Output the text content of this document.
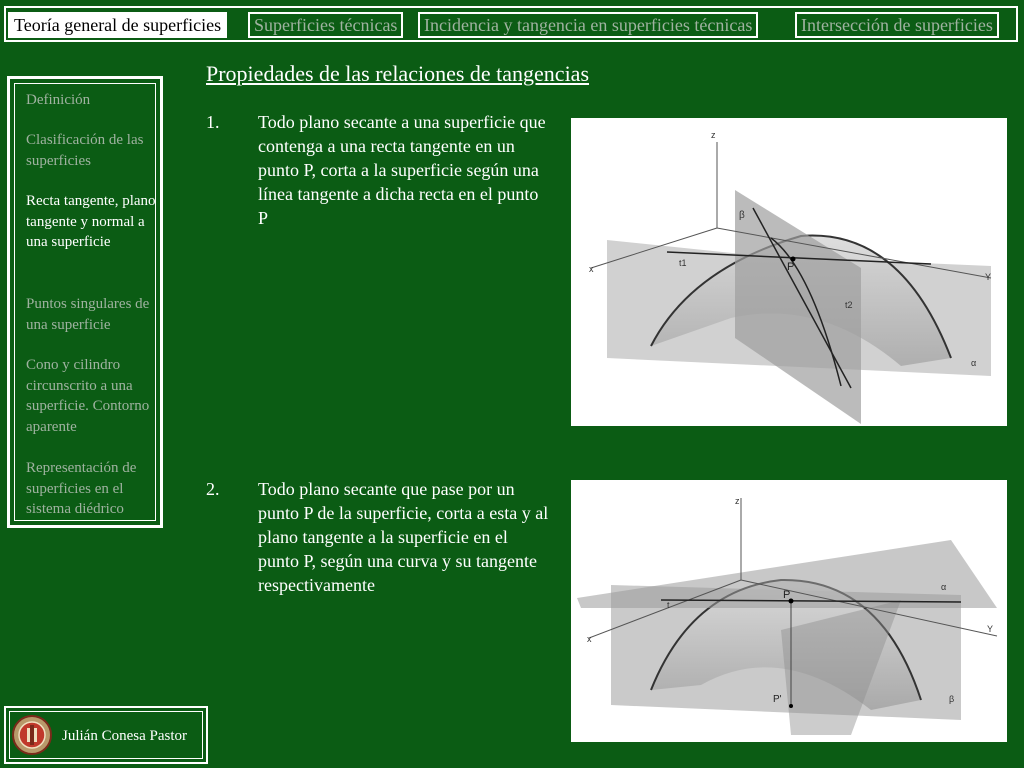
Teoría general de superficies	Superficies técnicas	Incidencia y tangencia en superficies técnicas	Intersección de superficies
Definición
Clasificación de las superficies
Recta tangente, plano tangente y normal a una superficie
Puntos singulares de una superficie
Cono y cilindro circunscrito a una superficie. Contorno aparente
Representación de superficies en el sistema diédrico
Propiedades de las relaciones de tangencias
1. Todo plano secante a una superficie que contenga a una recta tangente en un punto P, corta a la superficie según una línea tangente a dicha recta en el punto P
z
x
Y
β
t1
t2
P
α
2. Todo plano secante que pase por un punto P de la superficie, corta a esta y al plano tangente a la superficie en el punto P, según una curva y su tangente respectivamente
z
x
Y
α
t
P
P'	β
Julián Conesa Pastor
